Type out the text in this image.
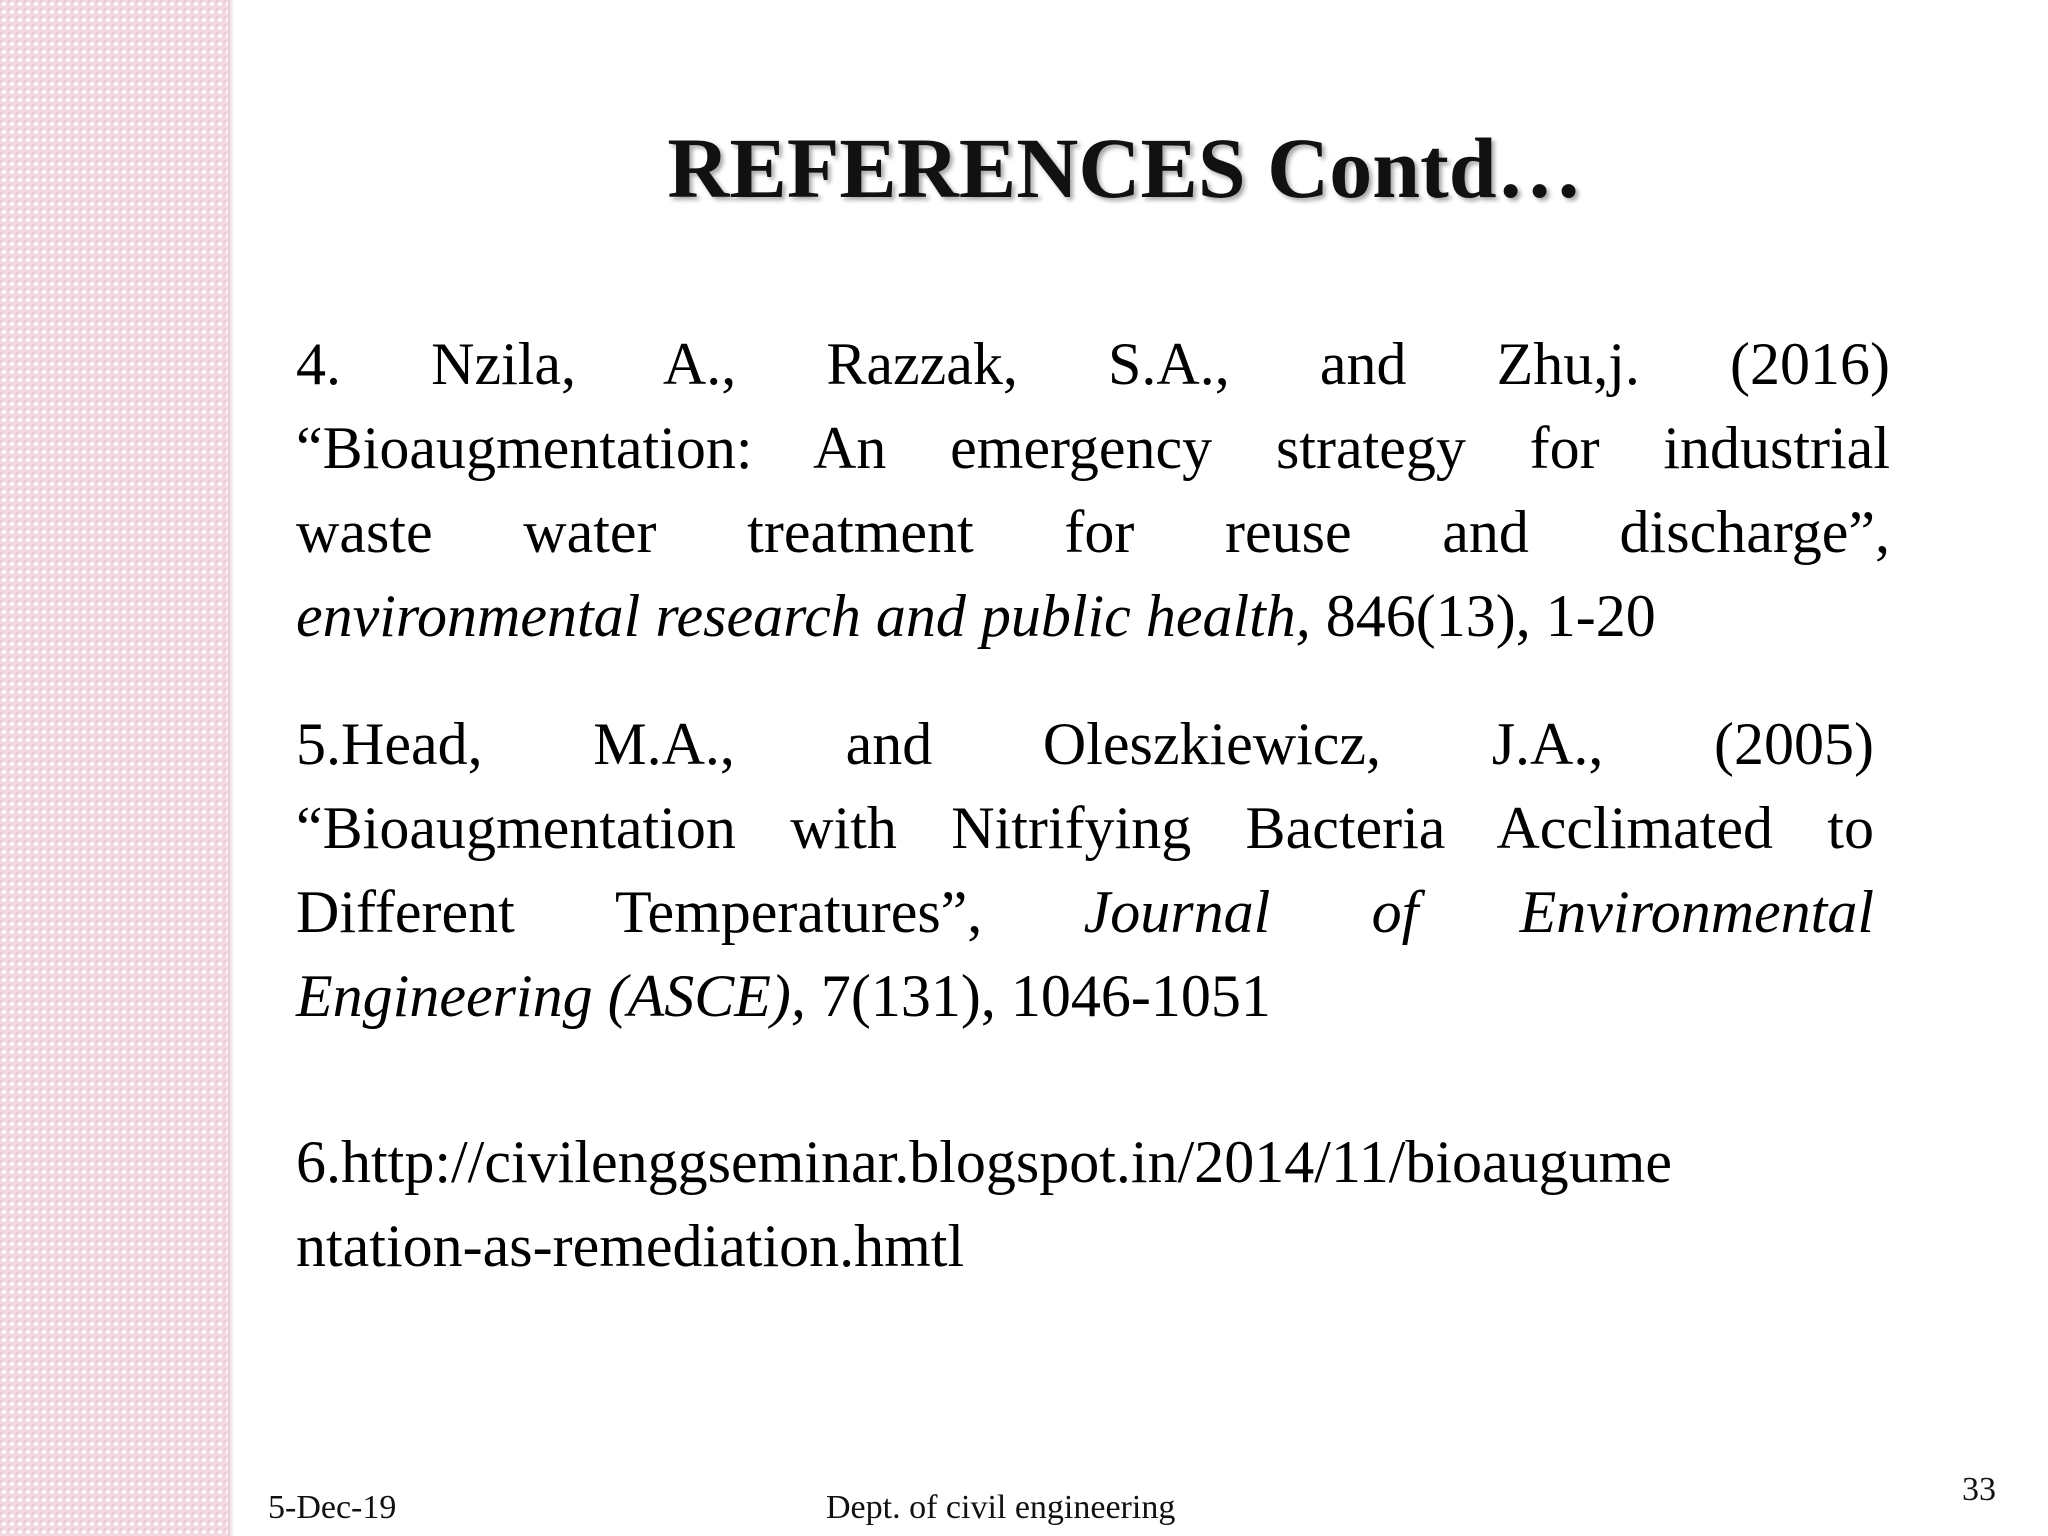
REFERENCES Contd…
4. Nzila, A., Razzak, S.A., and Zhu,j. (2016)
“Bioaugmentation: An emergency strategy for industrial
waste water treatment for reuse and discharge”,
environmental research and public health, 846(13), 1-20
5.Head, M.A., and Oleszkiewicz, J.A., (2005)
“Bioaugmentation with Nitrifying Bacteria Acclimated to
Different Temperatures”, Journal of Environmental
Engineering (ASCE), 7(131), 1046-1051
6.http://civilenggseminar.blogspot.in/2014/11/bioaugume
ntation-as-remediation.hmtl
5-Dec-19	Dept. of civil engineering	33
